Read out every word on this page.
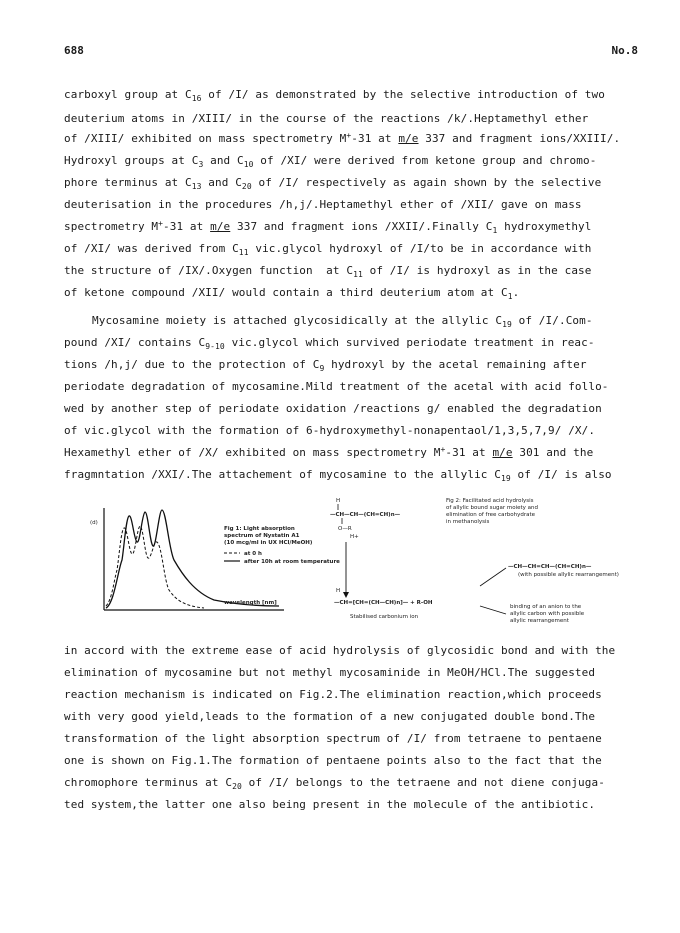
688	No.8
carboxyl group at $C_{16}$ of /I/ as demonstrated by the selective introduction of two
deuterium atoms in /XIII/ in the course of the reactions /k/.Heptamethyl ether
of /XIII/ exhibited on mass spectrometry M+-31 at m/e 337 and fragment ions/XXIII/.
Hydroxyl groups at $C_3$ and $C_{10}$ of /XI/ were derived from ketone group and chromo-
phore terminus at $C_{13}$ and $C_{20}$ of /I/ respectively as again shown by the selective
deuterisation in the procedures /h,j/.Heptamethyl ether of /XII/ gave on mass
spectrometry M+-31 at m/e 337 and fragment ions /XXII/.Finally $C_1$ hydroxymethyl
of /XI/ was derived from $C_{11}$ vic.glycol hydroxyl of /I/to be in accordance with
the structure of /IX/.Oxygen function  at $C_{11}$ of /I/ is hydroxyl as in the case
of ketone compound /XII/ would contain a third deuterium atom at $C_1$.
Mycosamine moiety is attached glycosidically at the allylic $C_{19}$ of /I/.Com-
pound /XI/ contains $C_{9-10}$ vic.glycol which survived periodate treatment in reac-
tions /h,j/ due to the protection of $C_9$ hydroxyl by the acetal remaining after
periodate degradation of mycosamine.Mild treatment of the acetal with acid follo-
wed by another step of periodate oxidation /reactions g/ enabled the degradation
of vic.glycol with the formation of 6-hydroxymethyl-nonapentaol/1,3,5,7,9/ /X/.
Hexamethyl ether of /X/ exhibited on mass spectrometry M+-31 at m/e 301 and the
fragmntation /XXI/.The attachement of mycosamine to the allylic $C_{19}$ of /I/ is also
in accord with the extreme ease of acid hydrolysis of glycosidic bond and with the
elimination of mycosamine but not methyl mycosaminide in MeOH/HCl.The suggested
reaction mechanism is indicated on Fig.2.The elimination reaction,which proceeds
with very good yield,leads to the formation of a new conjugated double bond.The
transformation of the light absorption spectrum of /I/ from tetraene to pentaene
one is shown on Fig.1.The formation of pentaene points also to the fact that the
chromophore terminus at $C_{20}$ of /I/ belongs to the tetraene and not diene conjuga-
ted system,the latter one also being present in the molecule of the antibiotic.
(d)
wavelength [nm]
Fig 1: Light absorption
spectrum of Nystatin A1
(10 mcg/ml in UX HCl/MeOH)
at 0 h
after 10h at room temperature
H
—CH—CH—(CH=CH)n—
O—R
H+
Fig 2: Facilitated acid hydrolysis
of allylic bound sugar moiety and
elimination of free carbohydrate
in methanolysis
—CH—CH=CH—(CH=CH)n—
(with possible allylic rearrangement)
H
—CH=[CH=(CH—CH)n]— + R-OH
Stabilised carbonium ion
binding of an anion to the
allylic carbon with possible
allylic rearrangement
